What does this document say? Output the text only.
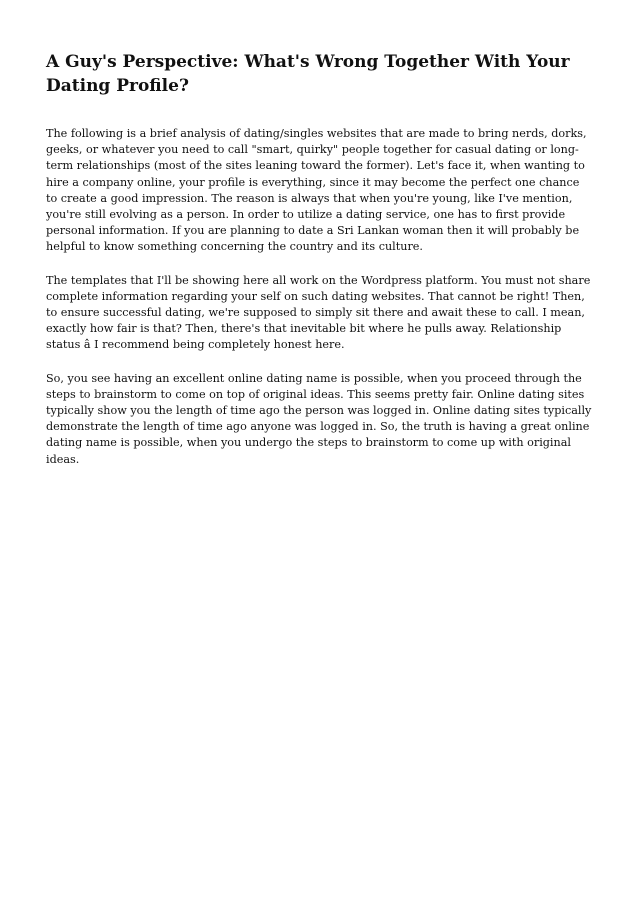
A Guy's Perspective: What's Wrong Together With Your Dating Profile?

The following is a brief analysis of dating/singles websites that are made to bring nerds, dorks, geeks, or whatever you need to call "smart, quirky" people together for casual dating or long-term relationships (most of the sites leaning toward the former). Let's face it, when wanting to hire a company online, your profile is everything, since it may become the perfect one chance to create a good impression. The reason is always that when you're young, like I've mention, you're still evolving as a person. In order to utilize a dating service, one has to first provide personal information. If you are planning to date a Sri Lankan woman then it will probably be helpful to know something concerning the country and its culture.

The templates that I'll be showing here all work on the Wordpress platform. You must not share complete information regarding your self on such dating websites. That cannot be right! Then, to ensure successful dating, we're supposed to simply sit there and await these to call. I mean, exactly how fair is that? Then, there's that inevitable bit where he pulls away. Relationship status â I recommend being completely honest here.

So, you see having an excellent online dating name is possible, when you proceed through the steps to brainstorm to come on top of original ideas. This seems pretty fair. Online dating sites typically show you the length of time ago the person was logged in. Online dating sites typically demonstrate the length of time ago anyone was logged in. So, the truth is having a great online dating name is possible, when you undergo the steps to brainstorm to come up with original ideas.
